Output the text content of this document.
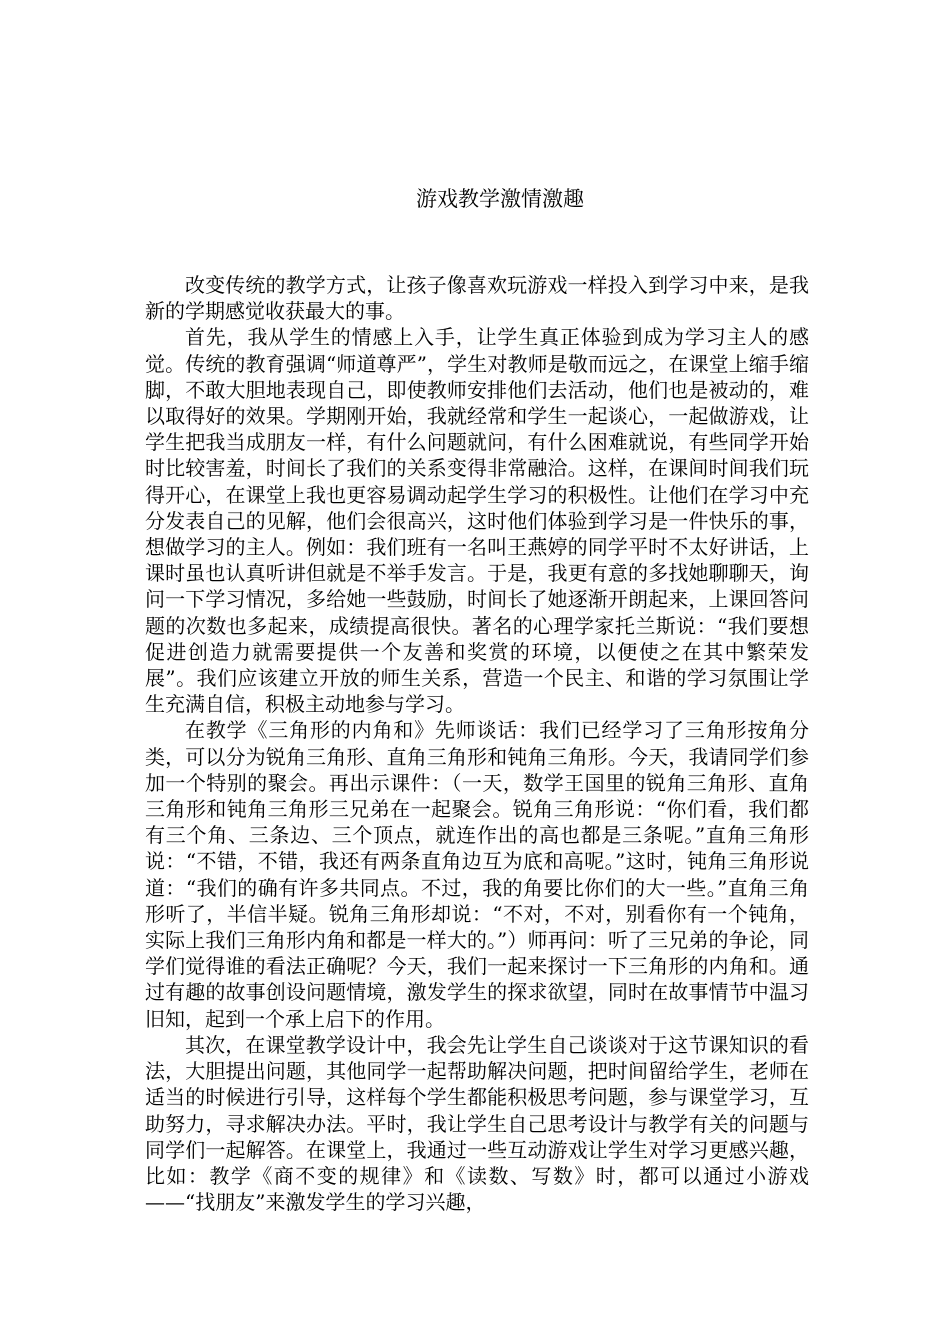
游戏教学激情激趣

改变传统的教学方式，让孩子像喜欢玩游戏一样投入到学习中来，是我新的学期感觉收获最大的事。

首先，我从学生的情感上入手，让学生真正体验到成为学习主人的感觉。传统的教育强调“师道尊严”，学生对教师是敬而远之，在课堂上缩手缩脚，不敢大胆地表现自己，即使教师安排他们去活动，他们也是被动的，难以取得好的效果。学期刚开始，我就经常和学生一起谈心，一起做游戏，让学生把我当成朋友一样，有什么问题就问，有什么困难就说，有些同学开始时比较害羞，时间长了我们的关系变得非常融洽。这样，在课间时间我们玩得开心，在课堂上我也更容易调动起学生学习的积极性。让他们在学习中充分发表自己的见解，他们会很高兴，这时他们体验到学习是一件快乐的事，想做学习的主人。例如：我们班有一名叫王燕婷的同学平时不太好讲话，上课时虽也认真听讲但就是不举手发言。于是，我更有意的多找她聊聊天，询问一下学习情况，多给她一些鼓励，时间长了她逐渐开朗起来，上课回答问题的次数也多起来，成绩提高很快。著名的心理学家托兰斯说：“我们要想促进创造力就需要提供一个友善和奖赏的环境，以便使之在其中繁荣发展”。我们应该建立开放的师生关系，营造一个民主、和谐的学习氛围让学生充满自信，积极主动地参与学习。

在教学《三角形的内角和》先师谈话：我们已经学习了三角形按角分类，可以分为锐角三角形、直角三角形和钝角三角形。今天，我请同学们参加一个特别的聚会。再出示课件：（一天，数学王国里的锐角三角形、直角三角形和钝角三角形三兄弟在一起聚会。锐角三角形说：“你们看，我们都有三个角、三条边、三个顶点，就连作出的高也都是三条呢。”直角三角形说：“不错，不错，我还有两条直角边互为底和高呢。”这时，钝角三角形说道：“我们的确有许多共同点。不过，我的角要比你们的大一些。”直角三角形听了，半信半疑。锐角三角形却说：“不对，不对，别看你有一个钝角，实际上我们三角形内角和都是一样大的。”）师再问：听了三兄弟的争论，同学们觉得谁的看法正确呢？今天，我们一起来探讨一下三角形的内角和。通过有趣的故事创设问题情境，激发学生的探求欲望，同时在故事情节中温习旧知，起到一个承上启下的作用。

其次，在课堂教学设计中，我会先让学生自己谈谈对于这节课知识的看法，大胆提出问题，其他同学一起帮助解决问题，把时间留给学生，老师在适当的时候进行引导，这样每个学生都能积极思考问题，参与课堂学习，互助努力，寻求解决办法。平时，我让学生自己思考设计与教学有关的问题与同学们一起解答。在课堂上，我通过一些互动游戏让学生对学习更感兴趣，比如：教学《商不变的规律》和《读数、写数》时，都可以通过小游戏——“找朋友”来激发学生的学习兴趣，
